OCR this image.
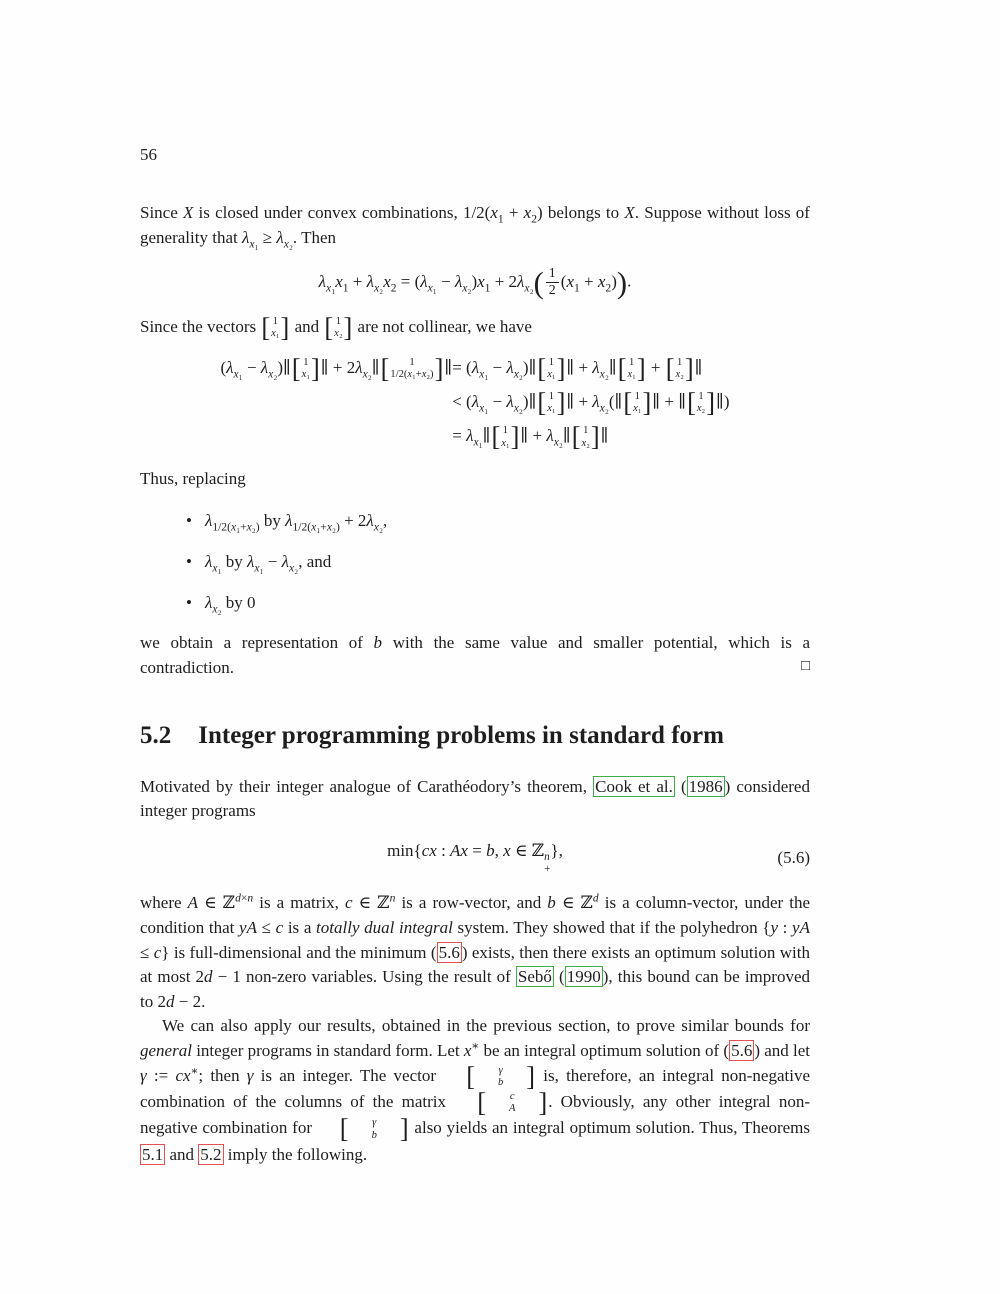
56

Since X is closed under convex combinations, $1/2(x_1 + x_2)$ belongs to X. Suppose without loss of generality that $\lambda_{x_1} \ge \lambda_{x_2}$. Then

$\lambda_{x_1}x_1 + \lambda_{x_2}x_2 = (\lambda_{x_1} - \lambda_{x_2})x_1 + 2\lambda_{x_2}( \frac{1}{2} (x_1 + x_2))$.

Since the vectors [ 1
x₁ ] and [ 1
x₂ ] are not collinear, we have

($\lambda_{x_1}$ − $\lambda_{x_2})\parallel$ [ 1
x₁ ] ∥ + $2\lambda_{x_2}\parallel$ [ 1
1/2(x₁+x₂) ] ∥ = ($\lambda_{x_1}$ − $\lambda_{x_2})\parallel$ [ 1
x₁ ] ∥ + $\lambda_{x_2}\parallel$ [ 1
x₁ ] + [ 1
x₂ ] ∥
< ($\lambda_{x_1}$ − $\lambda_{x_2})\parallel$ [ 1
x₁ ] ∥ + $\lambda_{x_2}(\parallel$ [ 1
x₁ ] ∥ + ∥ [ 1
x₂ ] ∥)
= $\lambda_{x_1}\parallel$ [ 1
x₁ ] ∥ + $\lambda_{x_2}\parallel$ [ 1
x₂ ] ∥

Thus, replacing

• $\lambda_{1/2(x_1+x_2)}$ by $\lambda_{1/2(x_1+x_2)} + 2\lambda_{x_2}$,
• $\lambda_{x_1}$ by $\lambda_{x_1} - \lambda_{x_2}$, and
• $\lambda_{x_2}$ by 0

we obtain a representation of b with the same value and smaller potential, which is a contradiction.	□

5.2 Integer programming problems in standard form

Motivated by their integer analogue of Carathéodory’s theorem, Cook et al. ( 1986 ) considered integer programs

min{cx : Ax = b, x ∈ ℤ n
+
},	(5.6)

where A ∈ ℤ$^{d\times n}$ is a matrix, c ∈ ℤ$^n$ is a row-vector, and b ∈ ℤ$^d$ is a column-vector, under the condition that yA ≤ c is a totally dual integral system. They showed that if the polyhedron {y : yA ≤ c} is full-dimensional and the minimum ( 5.6 ) exists, then there exists an optimum solution with at most 2d − 1 non-zero variables. Using the result of Sebő ( 1990 ), this bound can be improved to 2d − 2.

We can also apply our results, obtained in the previous section, to prove similar bounds for general integer programs in standard form. Let x∗ be an integral optimum solution of ( 5.6 ) and let γ := cx∗; then γ is an integer. The vector [	γ
b ] is, therefore, an integral non-negative combination of the columns of the matrix [	c
A ] . Obviously, any other integral non-negative combination for [	γ
b ] also yields an integral optimum solution. Thus, Theorems 5.1 and 5.2 imply the following.
